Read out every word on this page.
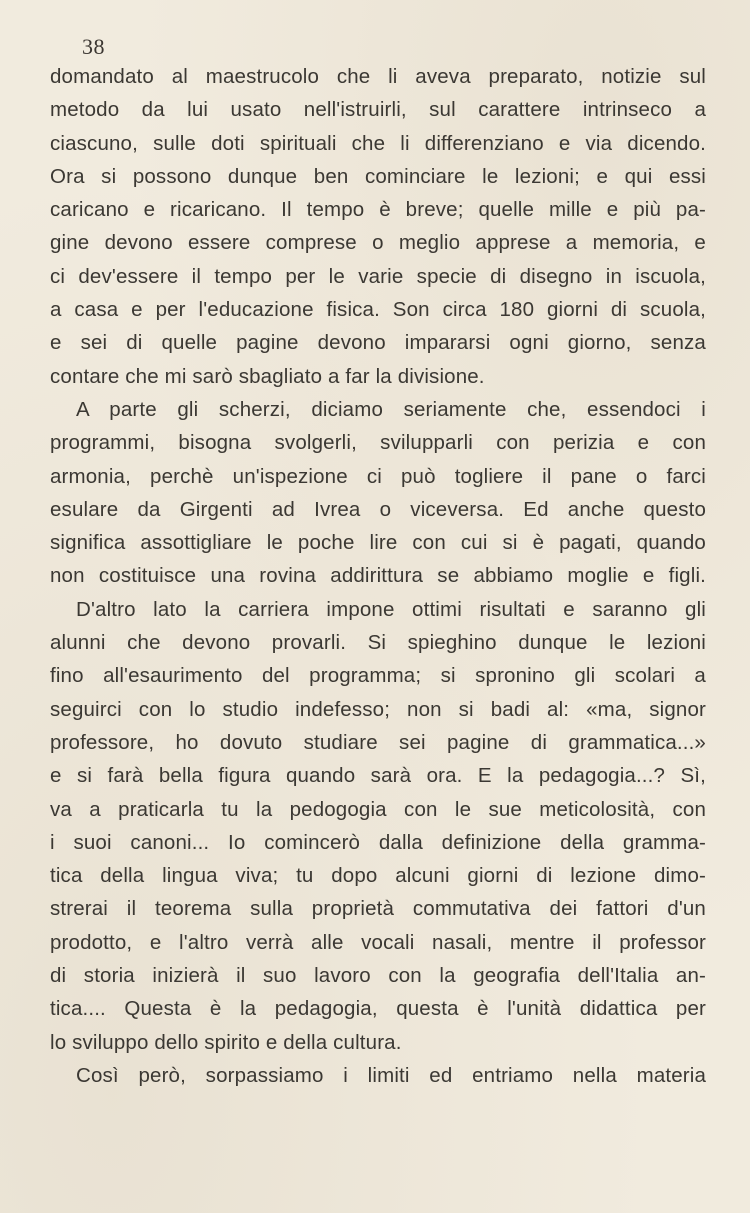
38
domandato al maestrucolo che li aveva preparato, notizie sul
metodo da lui usato nell'istruirli, sul carattere intrinseco a
ciascuno, sulle doti spirituali che li differenziano e via dicendo.
Ora si possono dunque ben cominciare le lezioni; e qui essi
caricano e ricaricano. Il tempo è breve; quelle mille e più pa-
gine devono essere comprese o meglio apprese a memoria, e
ci dev'essere il tempo per le varie specie di disegno in iscuola,
a casa e per l'educazione fisica. Son circa 180 giorni di scuola,
e sei di quelle pagine devono impararsi ogni giorno, senza
contare che mi sarò sbagliato a far la divisione.
A parte gli scherzi, diciamo seriamente che, essendoci i
programmi, bisogna svolgerli, svilupparli con perizia e con
armonia, perchè un'ispezione ci può togliere il pane o farci
esulare da Girgenti ad Ivrea o viceversa. Ed anche questo
significa assottigliare le poche lire con cui si è pagati, quando
non costituisce una rovina addirittura se abbiamo moglie e figli.
D'altro lato la carriera impone ottimi risultati e saranno gli
alunni che devono provarli. Si spieghino dunque le lezioni
fino all'esaurimento del programma; si spronino gli scolari a
seguirci con lo studio indefesso; non si badi al: «ma, signor
professore, ho dovuto studiare sei pagine di grammatica...»
e si farà bella figura quando sarà ora. E la pedagogia...? Sì,
va a praticarla tu la pedogogia con le sue meticolosità, con
i suoi canoni... Io comincerò dalla definizione della gramma-
tica della lingua viva; tu dopo alcuni giorni di lezione dimo-
strerai il teorema sulla proprietà commutativa dei fattori d'un
prodotto, e l'altro verrà alle vocali nasali, mentre il professor
di storia inizierà il suo lavoro con la geografia dell'Italia an-
tica.... Questa è la pedagogia, questa è l'unità didattica per
lo sviluppo dello spirito e della cultura.
Così però, sorpassiamo i limiti ed entriamo nella materia
